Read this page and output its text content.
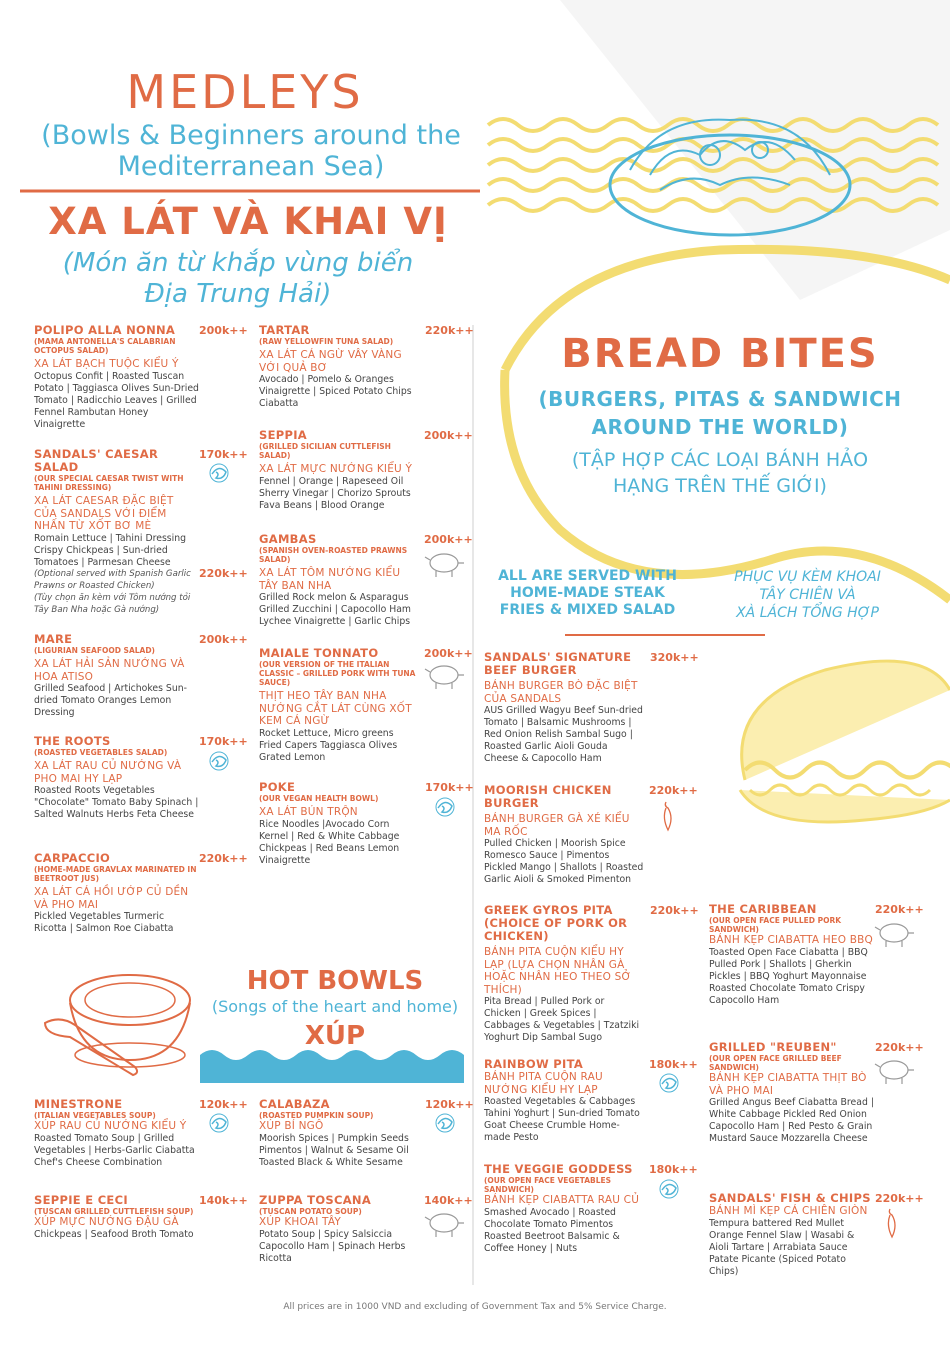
MEDLEYS
(Bowls & Beginners around the
Mediterranean Sea)
XA LÁT VÀ KHAI VỊ
(Món ăn từ khắp vùng biển
Địa Trung Hải)
POLIPO ALLA NONNA
(MAMA ANTONELLA'S CALABRIAN OCTOPUS SALAD)
XA LÁT BẠCH TUỘC KIỂU Ý
Octopus Confit | Roasted Tuscan Potato | Taggiasca Olives Sun-Dried Tomato | Radicchio Leaves | Grilled Fennel Rambutan Honey Vinaigrette
200k++
SANDALS' CAESAR SALAD
(OUR SPECIAL CAESAR TWIST WITH TAHINI DRESSING)
XA LÁT CAESAR ĐẶC BIỆT CỦA SANDALS VỚI ĐIỂM NHẤN TỪ XỐT BƠ MÈ
Romain Lettuce | Tahini Dressing Crispy Chickpeas | Sun-dried Tomatoes | Parmesan Cheese
170k++
(Optional served with Spanish Garlic Prawns or Roasted Chicken)
(Tùy chọn ăn kèm với Tôm nướng tỏi Tây Ban Nha hoặc Gà nướng)
220k++
MARE
(LIGURIAN SEAFOOD SALAD)
XA LÁT HẢI SẢN NƯỚNG VÀ HOA ATISO
Grilled Seafood | Artichokes Sun-dried Tomato Oranges Lemon Dressing
200k++
THE ROOTS
(ROASTED VEGETABLES SALAD)
XA LÁT RAU CỦ NƯỚNG VÀ PHO MAI HY LẠP
Roasted Roots Vegetables "Chocolate" Tomato Baby Spinach | Salted Walnuts Herbs Feta Cheese
170k++
CARPACCIO
(HOME-MADE GRAVLAX MARINATED IN BEETROOT JUS)
XA LÁT CÁ HỒI ƯỚP CỦ DỀN VÀ PHO MAI
Pickled Vegetables Turmeric Ricotta | Salmon Roe Ciabatta
220k++
TARTAR
(RAW YELLOWFIN TUNA SALAD)
XA LÁT CÁ NGỪ VÂY VÀNG VỚI QUẢ BƠ
Avocado | Pomelo & Oranges Vinaigrette | Spiced Potato Chips Ciabatta
220k++
SEPPIA
(GRILLED SICILIAN CUTTLEFISH SALAD)
XA LÁT MỰC NƯỚNG KIỂU Ý
Fennel | Orange | Rapeseed Oil Sherry Vinegar | Chorizo Sprouts Fava Beans | Blood Orange
200k++
GAMBAS
(SPANISH OVEN-ROASTED PRAWNS SALAD)
XA LÁT TÔM NƯỚNG KIỂU TÂY BAN NHA
Grilled Rock melon & Asparagus Grilled Zucchini | Capocollo Ham Lychee Vinaigrette | Garlic Chips
200k++
MAIALE TONNATO
(OUR VERSION OF THE ITALIAN CLASSIC – GRILLED PORK WITH TUNA SAUCE)
THỊT HEO TÂY BAN NHA NƯỚNG CẮT LÁT CÙNG XỐT KEM CÁ NGỪ
Rocket Lettuce, Micro greens Fried Capers Taggiasca Olives Grated Lemon
200k++
POKE
(OUR VEGAN HEALTH BOWL)
XA LÁT BÚN TRỘN
Rice Noodles |Avocado Corn Kernel | Red & White Cabbage Chickpeas | Red Beans Lemon Vinaigrette
170k++
HOT BOWLS
(Songs of the heart and home)
XÚP
MINESTRONE
(ITALIAN VEGETABLES SOUP)
XÚP RAU CỦ NƯỚNG KIỂU Ý
Roasted Tomato Soup | Grilled Vegetables | Herbs-Garlic Ciabatta Chef's Cheese Combination
120k++
SEPPIE E CECI
(TUSCAN GRILLED CUTTLEFISH SOUP)
XÚP MỰC NƯỚNG ĐẬU GÀ
Chickpeas | Seafood Broth Tomato
140k++
CALABAZA
(ROASTED PUMPKIN SOUP)
XÚP BÍ NGÔ
Moorish Spices | Pumpkin Seeds Pimentos | Walnut & Sesame Oil Toasted Black & White Sesame
120k++
ZUPPA TOSCANA
(TUSCAN POTATO SOUP)
XÚP KHOAI TÂY
Potato Soup | Spicy Salsiccia Capocollo Ham | Spinach Herbs Ricotta
140k++
BREAD BITES
(BURGERS, PITAS & SANDWICH
AROUND THE WORLD)
(TẬP HỢP CÁC LOẠI BÁNH HẢO
HẠNG TRÊN THẾ GIỚI)
ALL ARE SERVED WITH
HOME-MADE STEAK
FRIES & MIXED SALAD
PHỤC VỤ KÈM KHOAI
TÂY CHIÊN VÀ
XÀ LÁCH TỔNG HỢP
SANDALS' SIGNATURE BEEF BURGER
BÁNH BURGER BÒ ĐẶC BIỆT CỦA SANDALS
AUS Grilled Wagyu Beef Sun-dried Tomato | Balsamic Mushrooms | Red Onion Relish Sambal Sugo | Roasted Garlic Aioli Gouda Cheese & Capocollo Ham
320k++
MOORISH CHICKEN BURGER
BÁNH BURGER GÀ XÉ KIỂU MA RỐC
Pulled Chicken | Moorish Spice Romesco Sauce | Pimentos Pickled Mango | Shallots | Roasted Garlic Aioli & Smoked Pimenton
220k++
GREEK GYROS PITA (CHOICE OF PORK OR CHICKEN)
BÁNH PITA CUỘN KIỂU HY LẠP (LỰA CHỌN NHÂN GÀ HOẶC NHÂN HEO THEO SỞ THÍCH)
Pita Bread | Pulled Pork or Chicken | Greek Spices | Cabbages & Vegetables | Tzatziki Yoghurt Dip Sambal Sugo
220k++
RAINBOW PITA
BÁNH PITA CUỘN RAU NƯỚNG KIỂU HY LẠP
Roasted Vegetables & Cabbages Tahini Yoghurt | Sun-dried Tomato Goat Cheese Crumble Home-made Pesto
180k++
THE VEGGIE GODDESS
(OUR OPEN FACE VEGETABLES SANDWICH)
BÁNH KẸP CIABATTA RAU CỦ
Smashed Avocado | Roasted Chocolate Tomato Pimentos Roasted Beetroot Balsamic & Coffee Honey | Nuts
180k++
THE CARIBBEAN
(OUR OPEN FACE PULLED PORK SANDWICH)
BÁNH KẸP CIABATTA HEO BBQ
Toasted Open Face Ciabatta | BBQ Pulled Pork | Shallots | Gherkin Pickles | BBQ Yoghurt Mayonnaise Roasted Chocolate Tomato Crispy Capocollo Ham
220k++
GRILLED "REUBEN"
(OUR OPEN FACE GRILLED BEEF SANDWICH)
BÁNH KẸP CIABATTA THỊT BÒ VÀ PHO MAI
Grilled Angus Beef Ciabatta Bread | White Cabbage Pickled Red Onion Capocollo Ham | Red Pesto & Grain Mustard Sauce Mozzarella Cheese
220k++
SANDALS' FISH & CHIPS
BÁNH MÌ KẸP CÁ CHIÊN GIÒN
Tempura battered Red Mullet Orange Fennel Slaw | Wasabi & Aioli Tartare | Arrabiata Sauce Patate Picante (Spiced Potato Chips)
220k++
All prices are in 1000 VND and excluding of Government Tax and 5% Service Charge.
